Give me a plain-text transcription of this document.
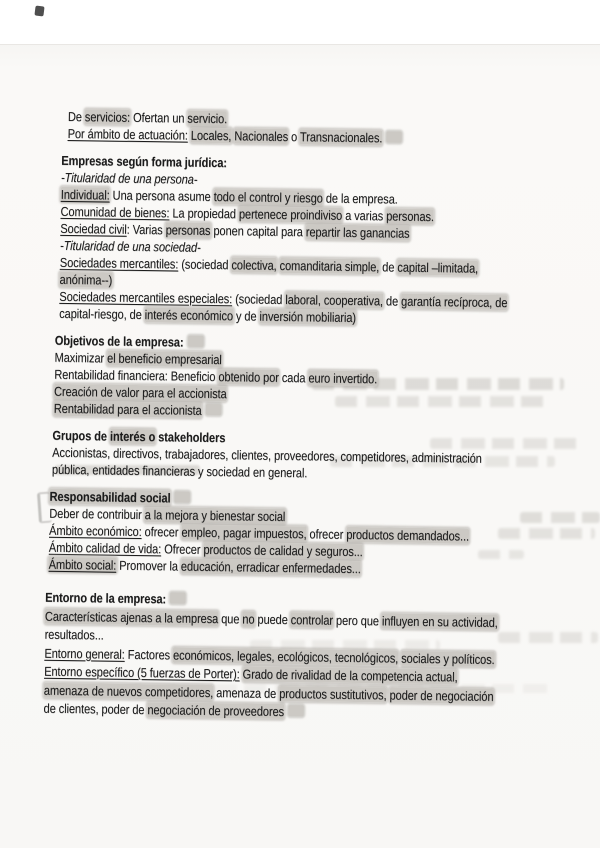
De servicios: Ofertan un servicio.
Por ámbito de actuación: Locales, Nacionales o Transnacionales.
Empresas según forma jurídica:
-Titularidad de una persona-
Individual: Una persona asume todo el control y riesgo de la empresa.
Comunidad de bienes: La propiedad pertenece proindiviso a varias personas.
Sociedad civil: Varias personas ponen capital para repartir las ganancias
-Titularidad de una sociedad-
Sociedades mercantiles: (sociedad colectiva, comanditaria simple, de capital –limitada,
anónima--)
Sociedades mercantiles especiales: (sociedad laboral, cooperativa, de garantía recíproca, de
capital-riesgo, de interés económico y de inversión mobiliaria)
Objetivos de la empresa:
Maximizar el beneficio empresarial
Rentabilidad financiera: Beneficio obtenido por cada euro invertido.
Creación de valor para el accionista
Rentabilidad para el accionista
Grupos de interés o stakeholders
Accionistas, directivos, trabajadores, clientes, proveedores, competidores, administración
pública, entidades financieras y sociedad en general.
Responsabilidad social
Deber de contribuir a la mejora y bienestar social
Ámbito económico: ofrecer empleo, pagar impuestos, ofrecer productos demandados...
Ámbito calidad de vida: Ofrecer productos de calidad y seguros...
Ámbito social: Promover la educación, erradicar enfermedades...
Entorno de la empresa:
Características ajenas a la empresa que no puede controlar pero que influyen en su actividad,
resultados...
Entorno general: Factores económicos, legales, ecológicos, tecnológicos, sociales y políticos.
Entorno específico (5 fuerzas de Porter): Grado de rivalidad de la competencia actual,
amenaza de nuevos competidores, amenaza de productos sustitutivos, poder de negociación
de clientes, poder de negociación de proveedores
